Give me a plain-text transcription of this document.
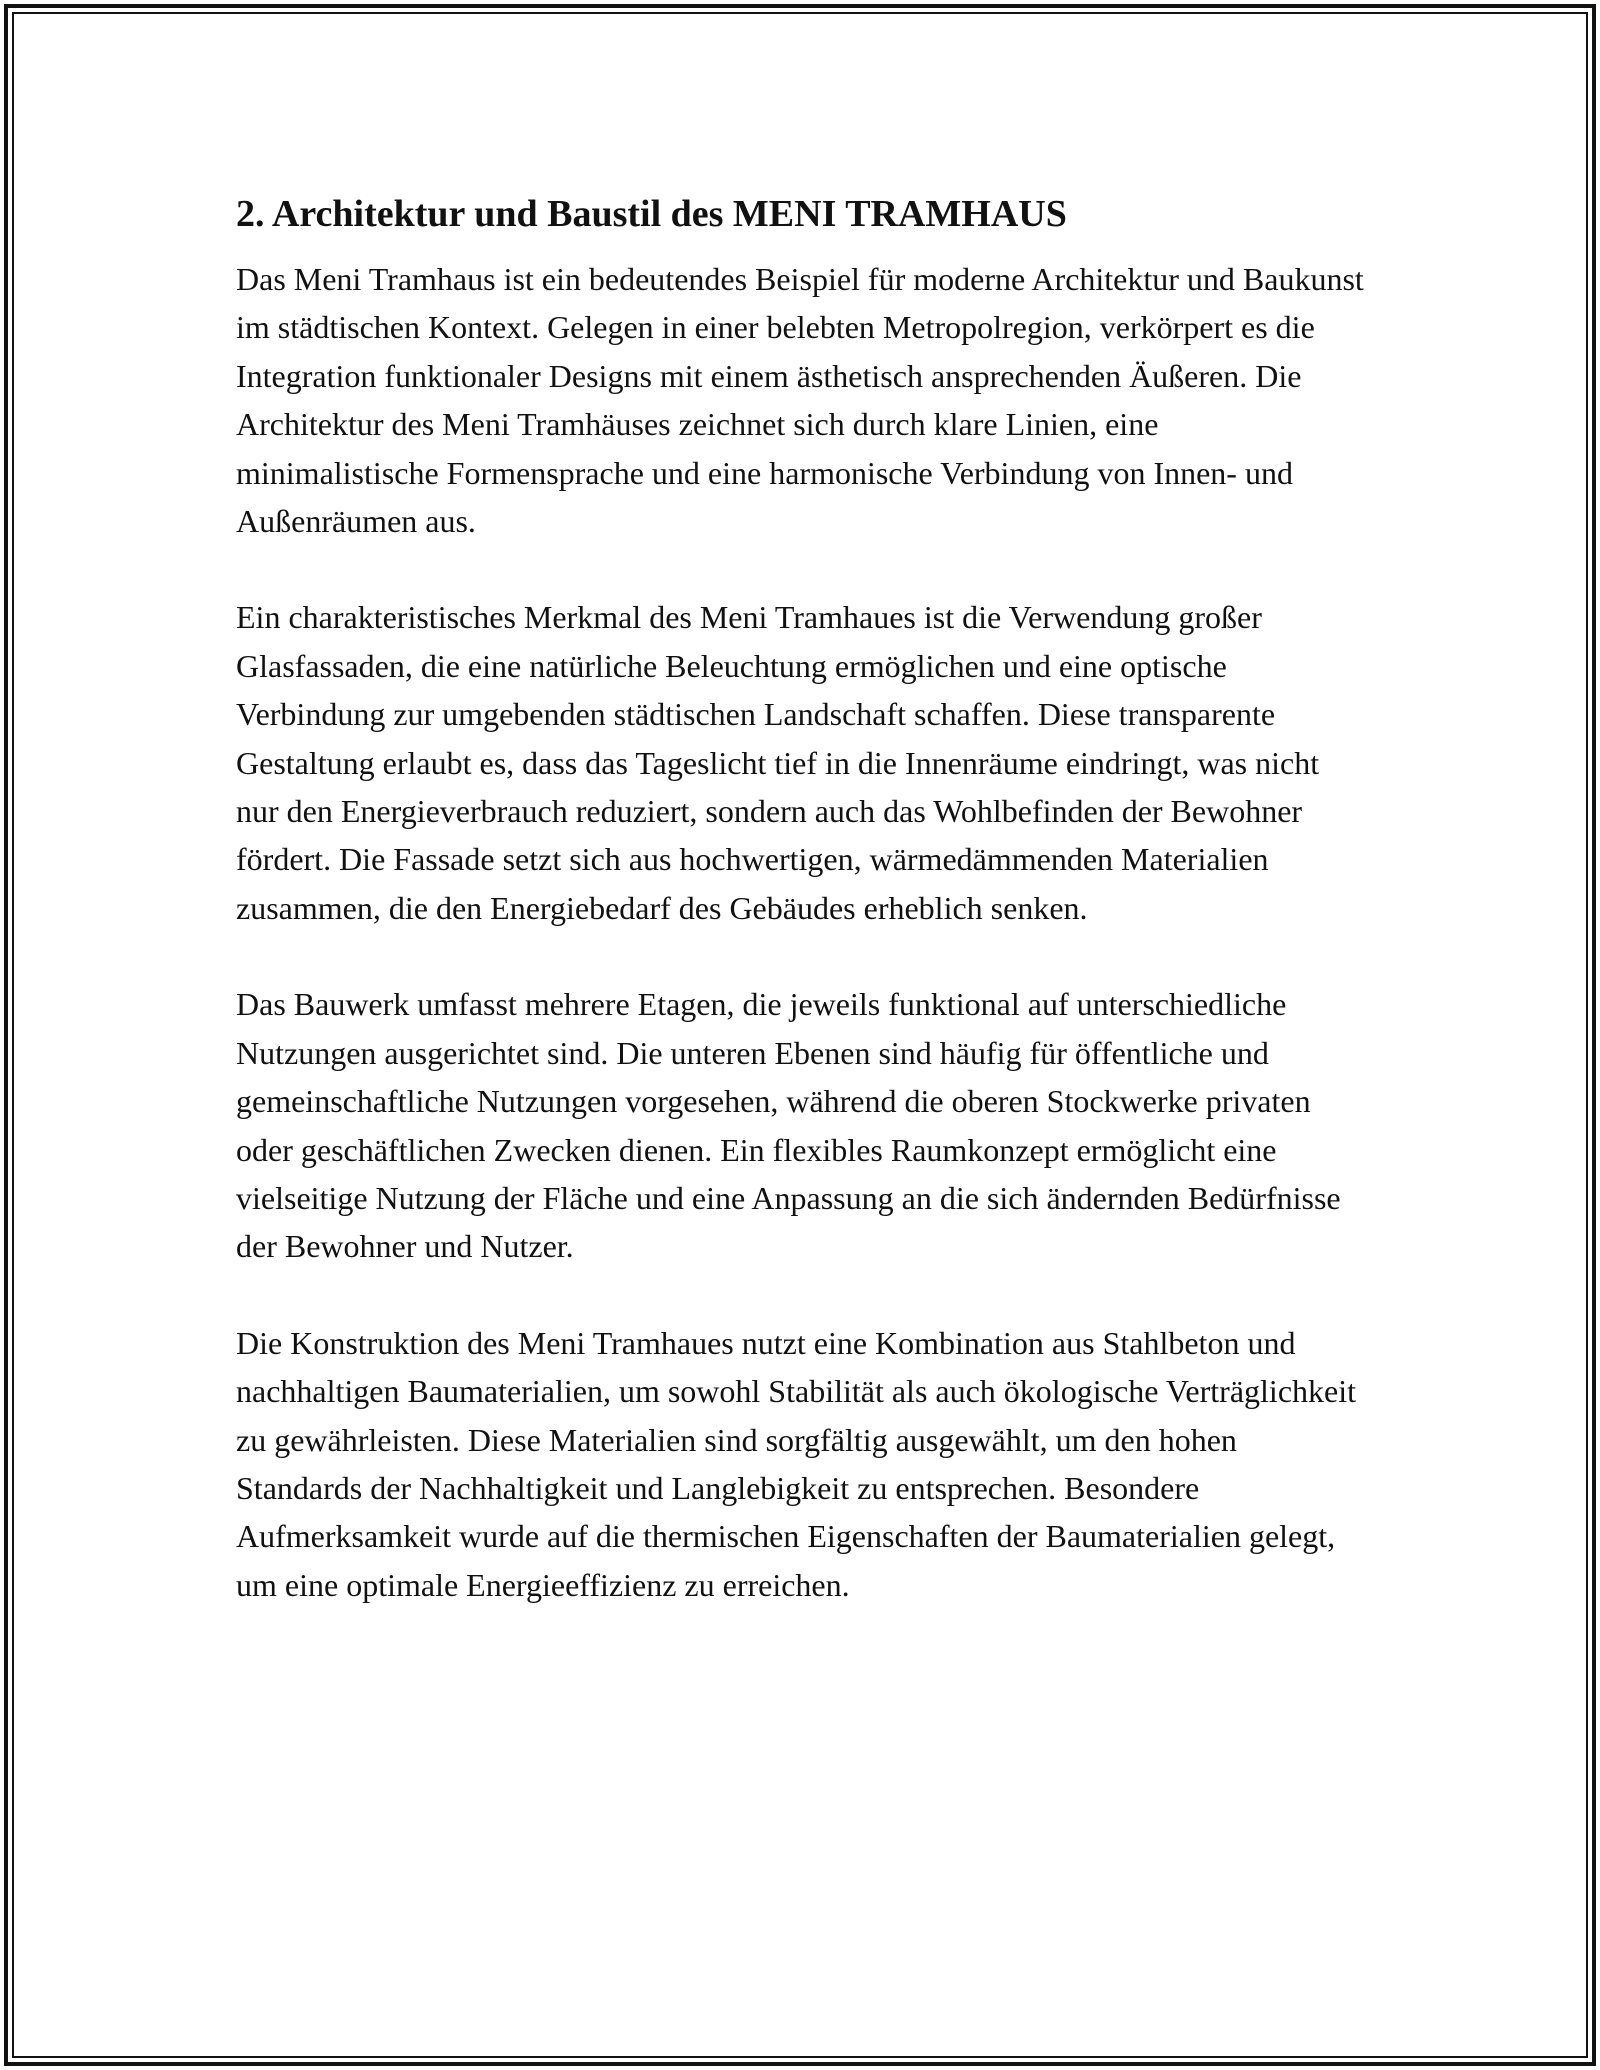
2. Architektur und Baustil des MENI TRAMHAUS

Das Meni Tramhaus ist ein bedeutendes Beispiel für moderne Architektur und Baukunst im städtischen Kontext. Gelegen in einer belebten Metropolregion, verkörpert es die Integration funktionaler Designs mit einem ästhetisch ansprechenden Äußeren. Die Architektur des Meni Tramhäuses zeichnet sich durch klare Linien, eine minimalistische Formensprache und eine harmonische Verbindung von Innen- und Außenräumen aus.

Ein charakteristisches Merkmal des Meni Tramhaues ist die Verwendung großer Glasfassaden, die eine natürliche Beleuchtung ermöglichen und eine optische Verbindung zur umgebenden städtischen Landschaft schaffen. Diese transparente Gestaltung erlaubt es, dass das Tageslicht tief in die Innenräume eindringt, was nicht nur den Energieverbrauch reduziert, sondern auch das Wohlbefinden der Bewohner fördert. Die Fassade setzt sich aus hochwertigen, wärmedämmenden Materialien zusammen, die den Energiebedarf des Gebäudes erheblich senken.

Das Bauwerk umfasst mehrere Etagen, die jeweils funktional auf unterschiedliche Nutzungen ausgerichtet sind. Die unteren Ebenen sind häufig für öffentliche und gemeinschaftliche Nutzungen vorgesehen, während die oberen Stockwerke privaten oder geschäftlichen Zwecken dienen. Ein flexibles Raumkonzept ermöglicht eine vielseitige Nutzung der Fläche und eine Anpassung an die sich ändernden Bedürfnisse der Bewohner und Nutzer.

Die Konstruktion des Meni Tramhaues nutzt eine Kombination aus Stahlbeton und nachhaltigen Baumaterialien, um sowohl Stabilität als auch ökologische Verträglichkeit zu gewährleisten. Diese Materialien sind sorgfältig ausgewählt, um den hohen Standards der Nachhaltigkeit und Langlebigkeit zu entsprechen. Besondere Aufmerksamkeit wurde auf die thermischen Eigenschaften der Baumaterialien gelegt, um eine optimale Energieeffizienz zu erreichen.
